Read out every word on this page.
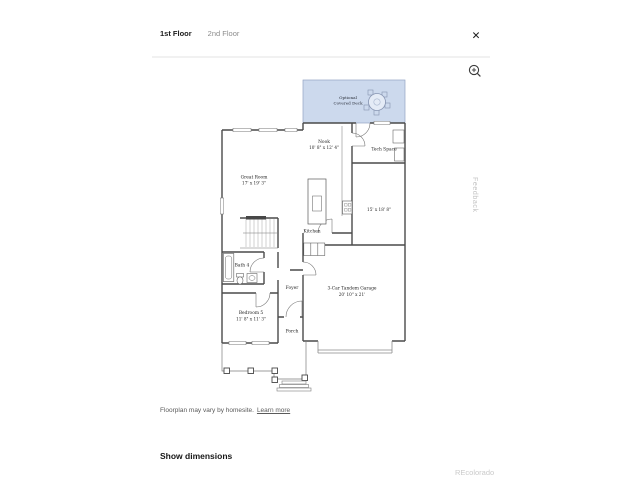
1st Floor 2nd Floor	✕
Optional
Covered Deck
Nook
10' 8" x 12' 4"
Tech Space
Great Room
17' x 19' 3"
15' x 18' 8"
Kitchen
Bath 4
Foyer	3-Car Tandem Garage
20' 10" x 21'
Bedroom 5
11' 8" x 11' 3"
Porch
Floorplan may vary by homesite. Learn more
Show dimensions
Feedback
REcolorado
